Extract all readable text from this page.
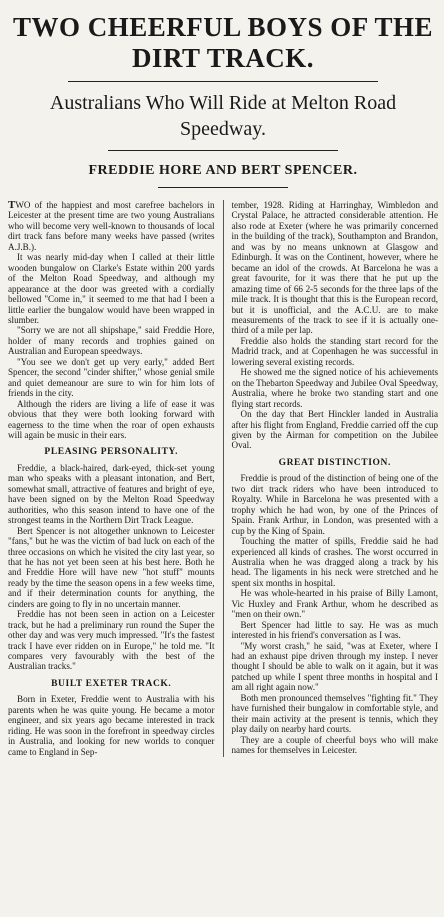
TWO CHEERFUL BOYS OF THE DIRT TRACK.
Australians Who Will Ride at Melton Road Speedway.
FREDDIE HORE AND BERT SPENCER.

TWO of the happiest and most carefree bachelors in Leicester at the present time are two young Australians who will become very well-known to thousands of local dirt track fans before many weeks have passed (writes A.J.B.).

It was nearly mid-day when I called at their little wooden bungalow on Clarke's Estate within 200 yards of the Melton Road Speedway, and although my appearance at the door was greeted with a cordially bellowed "Come in," it seemed to me that had I been a little earlier the bungalow would have been wrapped in slumber.

"Sorry we are not all shipshape," said Freddie Hore, holder of many records and trophies gained on Australian and European speedways.

"You see we don't get up very early," added Bert Spencer, the second "cinder shifter," whose genial smile and quiet demeanour are sure to win for him lots of friends in the city.

Although the riders are living a life of ease it was obvious that they were both looking forward with eagerness to the time when the roar of open exhausts will again be music in their ears.

PLEASING PERSONALITY.

Freddie, a black-haired, dark-eyed, thick-set young man who speaks with a pleasant intonation, and Bert, somewhat small, attractive of features and bright of eye, have been signed on by the Melton Road Speedway authorities, who this season intend to have one of the strongest teams in the Northern Dirt Track League.

Bert Spencer is not altogether unknown to Leicester "fans," but he was the victim of bad luck on each of the three occasions on which he visited the city last year, so that he has not yet been seen at his best here. Both he and Freddie Hore will have new "hot stuff" mounts ready by the time the season opens in a few weeks time, and if their determination counts for anything, the cinders are going to fly in no uncertain manner.

Freddie has not been seen in action on a Leicester track, but he had a preliminary run round the Super the other day and was very much impressed. "It's the fastest track I have ever ridden on in Europe," he told me. "It compares very favourably with the best of the Australian tracks."

BUILT EXETER TRACK.

Born in Exeter, Freddie went to Australia with his parents when he was quite young. He became a motor engineer, and six years ago became interested in track riding. He was soon in the forefront in speedway circles in Australia, and looking for new worlds to conquer came to England in Sep-

tember, 1928. Riding at Harringhay, Wimbledon and Crystal Palace, he attracted considerable attention. He also rode at Exeter (where he was primarily concerned in the building of the track), Southampton and Brandon, and was by no means unknown at Glasgow and Edinburgh. It was on the Continent, however, where he became an idol of the crowds. At Barcelona he was a great favourite, for it was there that he put up the amazing time of 66 2-5 seconds for the three laps of the mile track. It is thought that this is the European record, but it is unofficial, and the A.C.U. are to make measurements of the track to see if it is actually one-third of a mile per lap.

Freddie also holds the standing start record for the Madrid track, and at Copenhagen he was successful in lowering several existing records.

He showed me the signed notice of his achievements on the Thebarton Speedway and Jubilee Oval Speedway, Australia, where he broke two standing start and one flying start records.

On the day that Bert Hinckler landed in Australia after his flight from England, Freddie carried off the cup given by the Airman for competition on the Jubilee Oval.

GREAT DISTINCTION.

Freddie is proud of the distinction of being one of the two dirt track riders who have been introduced to Royalty. While in Barcelona he was presented with a trophy which he had won, by one of the Princes of Spain. Frank Arthur, in London, was presented with a cup by the King of Spain.

Touching the matter of spills, Freddie said he had experienced all kinds of crashes. The worst occurred in Australia when he was dragged along a track by his head. The ligaments in his neck were stretched and he spent six months in hospital.

He was whole-hearted in his praise of Billy Lamont, Vic Huxley and Frank Arthur, whom he described as "men on their own."

Bert Spencer had little to say. He was as much interested in his friend's conversation as I was.

"My worst crash," he said, "was at Exeter, where I had an exhaust pipe driven through my instep. I never thought I should be able to walk on it again, but it was patched up while I spent three months in hospital and I am all right again now."

Both men pronounced themselves "fighting fit." They have furnished their bungalow in comfortable style, and their main activity at the present is tennis, which they play daily on nearby hard courts.

They are a couple of cheerful boys who will make names for themselves in Leicester.
